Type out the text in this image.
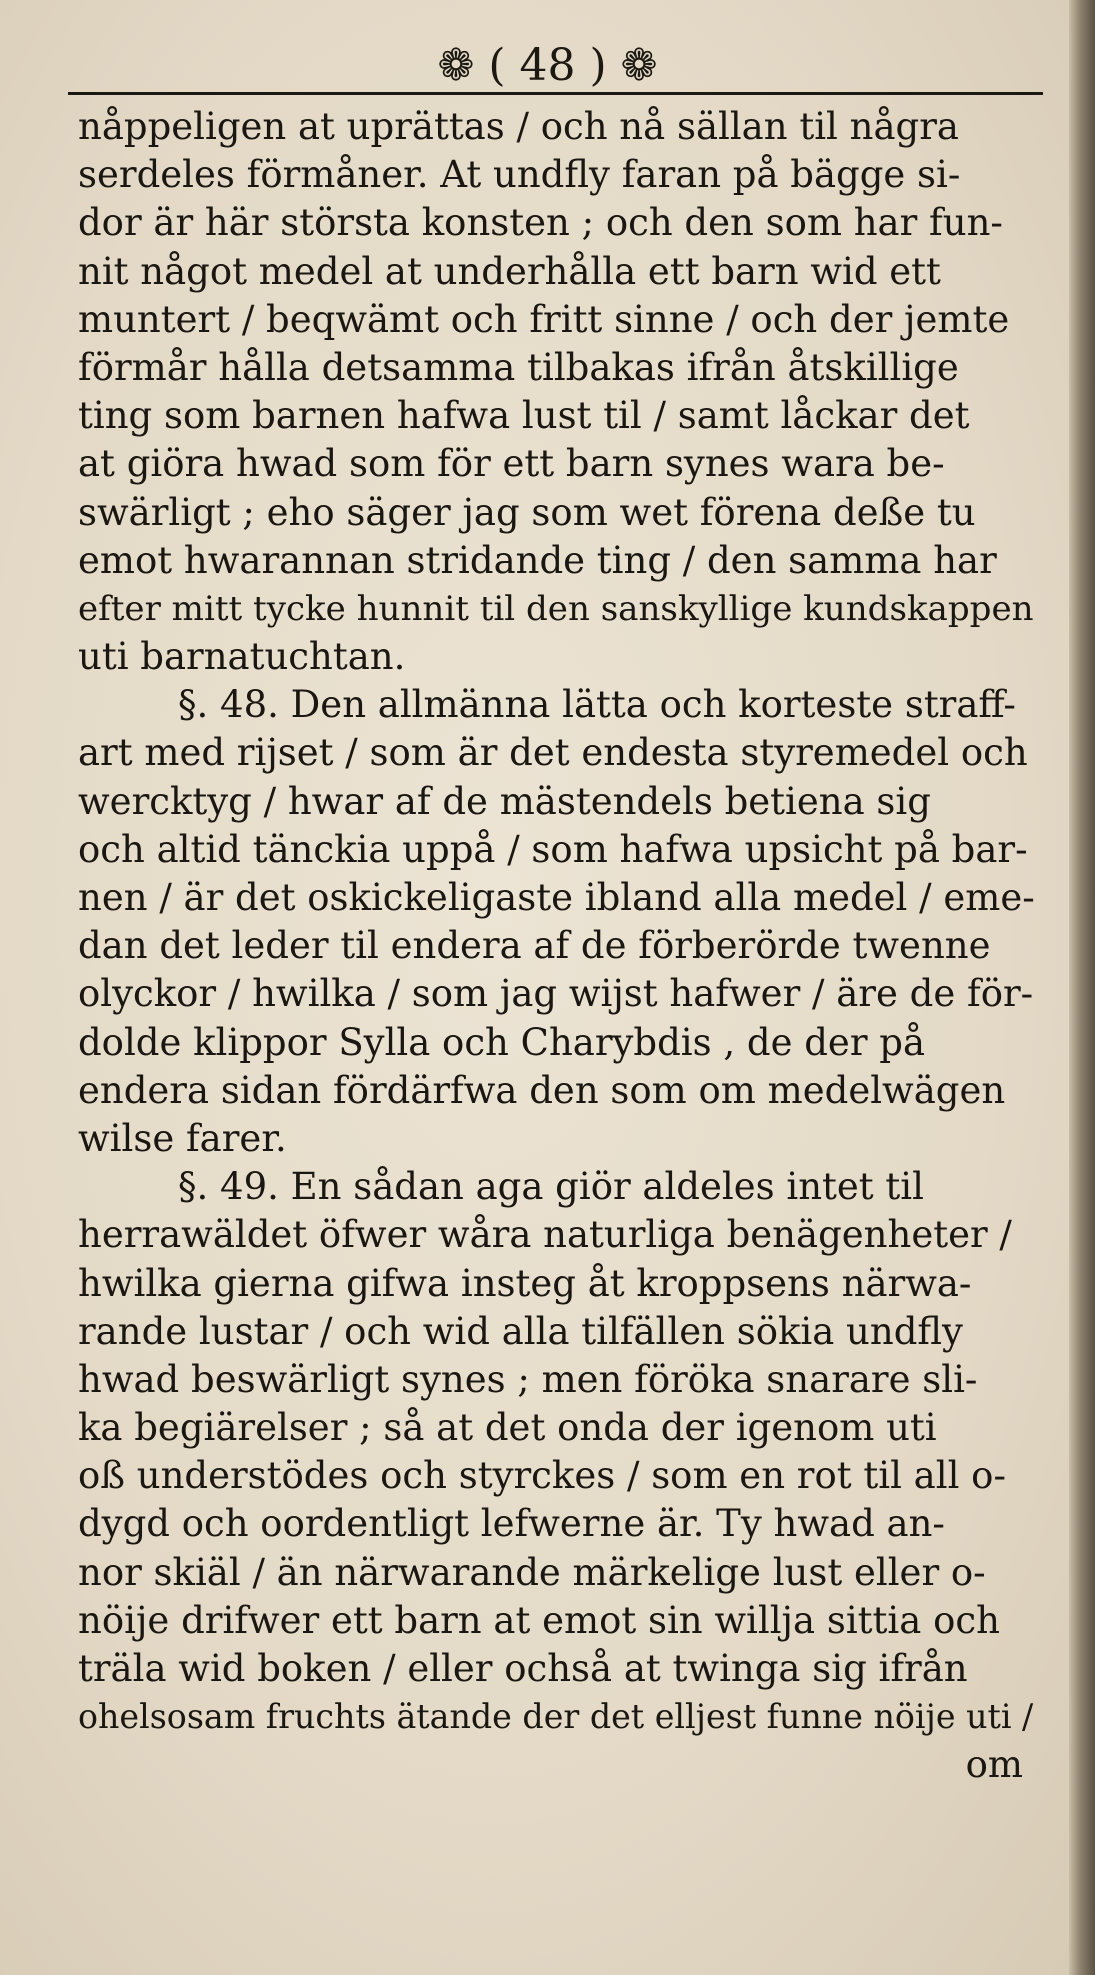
❁ ( 48 ) ❁
nåppeligen at uprättas / och nå sällan til några
serdeles förmåner. At undfly faran på bägge si-
dor är här största konsten ; och den som har fun-
nit något medel at underhålla ett barn wid ett
muntert / beqwämt och fritt sinne / och der jemte
förmår hålla detsamma tilbakas ifrån åtskillige
ting som barnen hafwa lust til / samt låckar det
at giöra hwad som för ett barn synes wara be-
swärligt ; eho säger jag som wet förena deße tu
emot hwarannan stridande ting / den samma har
efter mitt tycke hunnit til den sanskyllige kundskappen
uti barnatuchtan.
§. 48. Den allmänna lätta och korteste straff-
art med rijset / som är det endesta styremedel och
wercktyg / hwar af de mästendels betiena sig
och altid tänckia uppå / som hafwa upsicht på bar-
nen / är det oskickeligaste ibland alla medel / eme-
dan det leder til endera af de förberörde twenne
olyckor / hwilka / som jag wijst hafwer / äre de för-
dolde klippor Sylla och Charybdis , de der på
endera sidan fördärfwa den som om medelwägen
wilse farer.
§. 49. En sådan aga giör aldeles intet til
herrawäldet öfwer wåra naturliga benägenheter /
hwilka gierna gifwa insteg åt kroppsens närwa-
rande lustar / och wid alla tilfällen sökia undfly
hwad beswärligt synes ; men föröka snarare sli-
ka begiärelser ; så at det onda der igenom uti
oß understödes och styrckes / som en rot til all o-
dygd och oordentligt lefwerne är. Ty hwad an-
nor skiäl / än närwarande märkelige lust eller o-
nöije drifwer ett barn at emot sin willja sittia och
träla wid boken / eller ochså at twinga sig ifrån
ohelsosam fruchts ätande der det elljest funne nöije uti /
om
